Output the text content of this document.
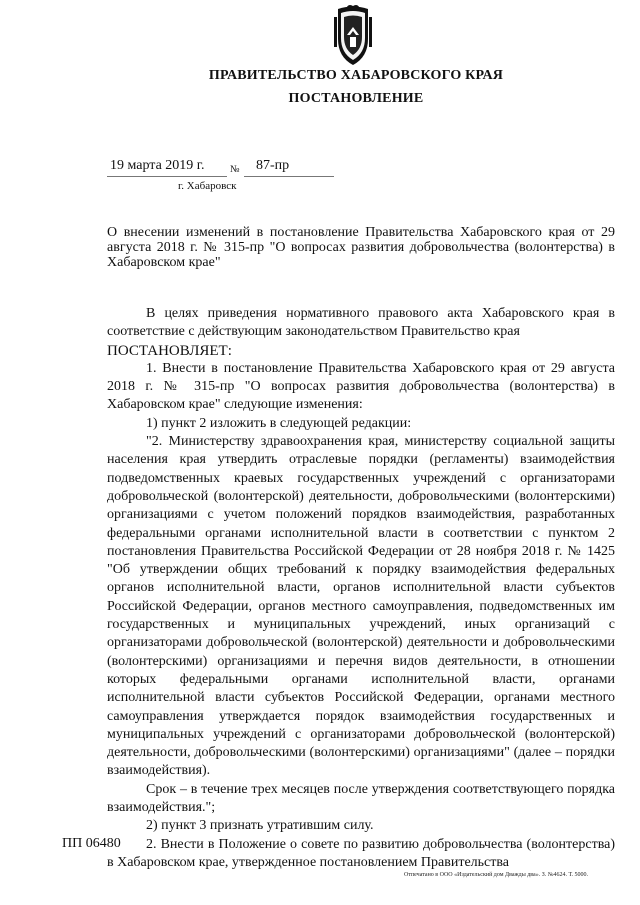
ПРАВИТЕЛЬСТВО ХАБАРОВСКОГО КРАЯ
ПОСТАНОВЛЕНИЕ
19 марта 2019 г.	№ 87-пр
г. Хабаровск
О внесении изменений в постановление Правительства Хабаровского края от 29 августа 2018 г. № 315-пр "О вопросах развития добровольчества (волонтерства) в Хабаровском крае"

В целях приведения нормативного правового акта Хабаровского края в соответствие с действующим законодательством Правительство края

ПОСТАНОВЛЯЕТ:

1. Внести в постановление Правительства Хабаровского края от 29 августа 2018 г. № 315-пр "О вопросах развития добровольчества (волонтерства) в Хабаровском крае" следующие изменения:

1) пункт 2 изложить в следующей редакции:

"2. Министерству здравоохранения края, министерству социальной защиты населения края утвердить отраслевые порядки (регламенты) взаимодействия подведомственных краевых государственных учреждений с организаторами добровольческой (волонтерской) деятельности, добровольческими (волонтерскими) организациями с учетом положений порядков взаимодействия, разработанных федеральными органами исполнительной власти в соответствии с пунктом 2 постановления Правительства Российской Федерации от 28 ноября 2018 г. № 1425 "Об утверждении общих требований к порядку взаимодействия федеральных органов исполнительной власти, органов исполнительной власти субъектов Российской Федерации, органов местного самоуправления, подведомственных им государственных и муниципальных учреждений, иных организаций с организаторами добровольческой (волонтерской) деятельности и добровольческими (волонтерскими) организациями и перечня видов деятельности, в отношении которых федеральными органами исполнительной власти, органами исполнительной власти субъектов Российской Федерации, органами местного самоуправления утверждается порядок взаимодействия государственных и муниципальных учреждений с организаторами добровольческой (волонтерской) деятельности, добровольческими (волонтерскими) организациями" (далее – порядки взаимодействия).

Срок – в течение трех месяцев после утверждения соответствующего порядка взаимодействия.";

2) пункт 3 признать утратившим силу.

2. Внести в Положение о совете по развитию добровольчества (волонтерства) в Хабаровском крае, утвержденное постановлением Правительства

ПП 06480
Отпечатано в ООО «Издательский дом Дважды два». З. №4624. Т. 5000.
